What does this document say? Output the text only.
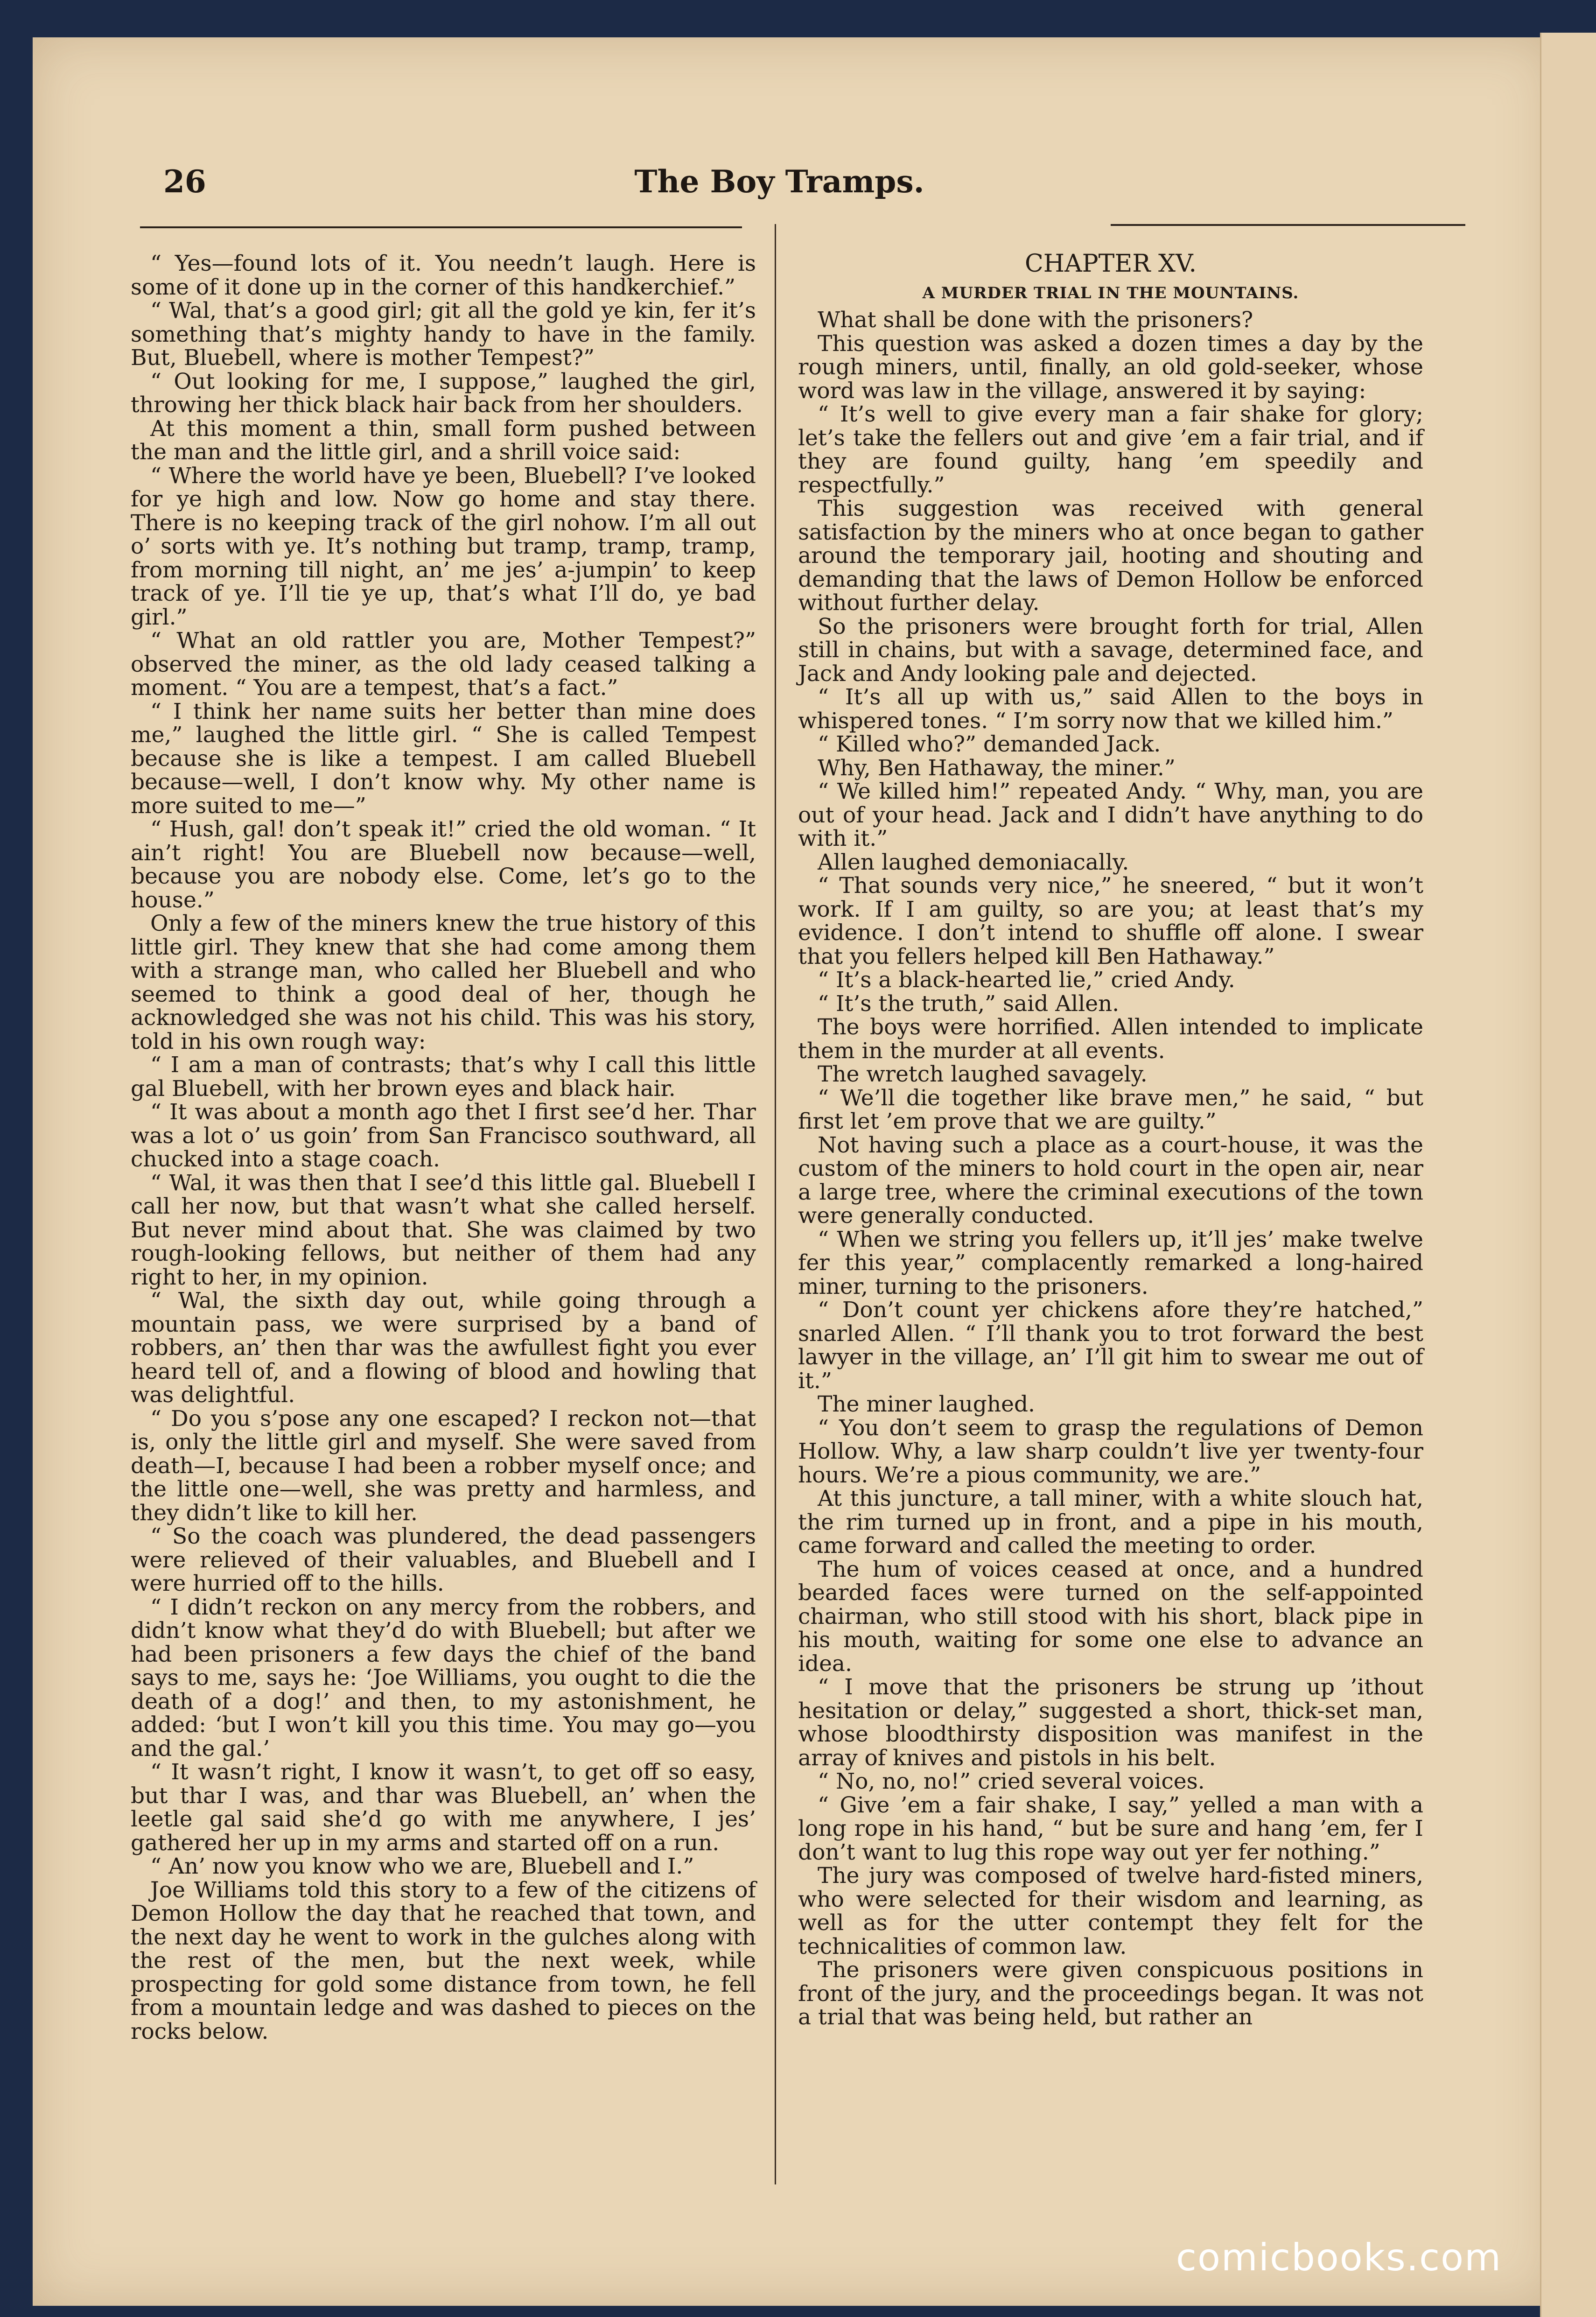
26	The Boy Tramps.

“ Yes—found lots of it. You needn’t laugh. Here is some of it done up in the corner of this handkerchief.”

“ Wal, that’s a good girl; git all the gold ye kin, fer it’s something that’s mighty handy to have in the family. But, Bluebell, where is mother Tempest?”

“ Out looking for me, I suppose,” laughed the girl, throwing her thick black hair back from her shoulders.

At this moment a thin, small form pushed between the man and the little girl, and a shrill voice said:

“ Where the world have ye been, Bluebell? I’ve looked for ye high and low. Now go home and stay there. There is no keeping track of the girl nohow. I’m all out o’ sorts with ye. It’s nothing but tramp, tramp, tramp, from morning till night, an’ me jes’ a-jumpin’ to keep track of ye. I’ll tie ye up, that’s what I’ll do, ye bad girl.”

“ What an old rattler you are, Mother Tempest?” observed the miner, as the old lady ceased talking a moment. “ You are a tempest, that’s a fact.”

“ I think her name suits her better than mine does me,” laughed the little girl. “ She is called Tempest because she is like a tempest. I am called Bluebell because—well, I don’t know why. My other name is more suited to me—”

“ Hush, gal! don’t speak it!” cried the old woman. “ It ain’t right! You are Bluebell now because—well, because you are nobody else. Come, let’s go to the house.”

Only a few of the miners knew the true history of this little girl. They knew that she had come among them with a strange man, who called her Bluebell and who seemed to think a good deal of her, though he acknowledged she was not his child. This was his story, told in his own rough way:

“ I am a man of contrasts; that’s why I call this little gal Bluebell, with her brown eyes and black hair.

“ It was about a month ago thet I first see’d her. Thar was a lot o’ us goin’ from San Francisco southward, all chucked into a stage coach.

“ Wal, it was then that I see’d this little gal. Bluebell I call her now, but that wasn’t what she called herself. But never mind about that. She was claimed by two rough-looking fellows, but neither of them had any right to her, in my opinion.

“ Wal, the sixth day out, while going through a mountain pass, we were surprised by a band of robbers, an’ then thar was the awfullest fight you ever heard tell of, and a flowing of blood and howling that was delightful.

“ Do you s’pose any one escaped? I reckon not—that is, only the little girl and myself. She were saved from death—I, because I had been a robber myself once; and the little one—well, she was pretty and harmless, and they didn’t like to kill her.

“ So the coach was plundered, the dead passengers were relieved of their valuables, and Bluebell and I were hurried off to the hills.

“ I didn’t reckon on any mercy from the robbers, and didn’t know what they’d do with Bluebell; but after we had been prisoners a few days the chief of the band says to me, says he: ‘Joe Williams, you ought to die the death of a dog!’ and then, to my astonishment, he added: ‘but I won’t kill you this time. You may go—you and the gal.’

“ It wasn’t right, I know it wasn’t, to get off so easy, but thar I was, and thar was Bluebell, an’ when the leetle gal said she’d go with me anywhere, I jes’ gathered her up in my arms and started off on a run.

“ An’ now you know who we are, Bluebell and I.”

Joe Williams told this story to a few of the citizens of Demon Hollow the day that he reached that town, and the next day he went to work in the gulches along with the rest of the men, but the next week, while prospecting for gold some distance from town, he fell from a mountain ledge and was dashed to pieces on the rocks below.

CHAPTER XV.
A MURDER TRIAL IN THE MOUNTAINS.

What shall be done with the prisoners?

This question was asked a dozen times a day by the rough miners, until, finally, an old gold-seeker, whose word was law in the village, answered it by saying:

“ It’s well to give every man a fair shake for glory; let’s take the fellers out and give ’em a fair trial, and if they are found guilty, hang ’em speedily and respectfully.”

This suggestion was received with general satisfaction by the miners who at once began to gather around the temporary jail, hooting and shouting and demanding that the laws of Demon Hollow be enforced without further delay.

So the prisoners were brought forth for trial, Allen still in chains, but with a savage, determined face, and Jack and Andy looking pale and dejected.

“ It’s all up with us,” said Allen to the boys in whispered tones. “ I’m sorry now that we killed him.”

“ Killed who?” demanded Jack.

Why, Ben Hathaway, the miner.”

“ We killed him!” repeated Andy. “ Why, man, you are out of your head. Jack and I didn’t have anything to do with it.”

Allen laughed demoniacally.

“ That sounds very nice,” he sneered, “ but it won’t work. If I am guilty, so are you; at least that’s my evidence. I don’t intend to shuffle off alone. I swear that you fellers helped kill Ben Hathaway.”

“ It’s a black-hearted lie,” cried Andy.

“ It’s the truth,” said Allen.

The boys were horrified. Allen intended to implicate them in the murder at all events.

The wretch laughed savagely.

“ We’ll die together like brave men,” he said, “ but first let ’em prove that we are guilty.”

Not having such a place as a court-house, it was the custom of the miners to hold court in the open air, near a large tree, where the criminal executions of the town were generally conducted.

“ When we string you fellers up, it’ll jes’ make twelve fer this year,” complacently remarked a long-haired miner, turning to the prisoners.

“ Don’t count yer chickens afore they’re hatched,” snarled Allen. “ I’ll thank you to trot forward the best lawyer in the village, an’ I’ll git him to swear me out of it.”

The miner laughed.

“ You don’t seem to grasp the regulations of Demon Hollow. Why, a law sharp couldn’t live yer twenty-four hours. We’re a pious community, we are.”

At this juncture, a tall miner, with a white slouch hat, the rim turned up in front, and a pipe in his mouth, came forward and called the meeting to order.

The hum of voices ceased at once, and a hundred bearded faces were turned on the self-appointed chairman, who still stood with his short, black pipe in his mouth, waiting for some one else to advance an idea.

“ I move that the prisoners be strung up ’ithout hesitation or delay,” suggested a short, thick-set man, whose bloodthirsty disposition was manifest in the array of knives and pistols in his belt.

“ No, no, no!” cried several voices.

“ Give ’em a fair shake, I say,” yelled a man with a long rope in his hand, “ but be sure and hang ’em, fer I don’t want to lug this rope way out yer fer nothing.”

The jury was composed of twelve hard-fisted miners, who were selected for their wisdom and learning, as well as for the utter contempt they felt for the technicalities of common law.

The prisoners were given conspicuous positions in front of the jury, and the proceedings began. It was not a trial that was being held, but rather an

comicbooks.com
